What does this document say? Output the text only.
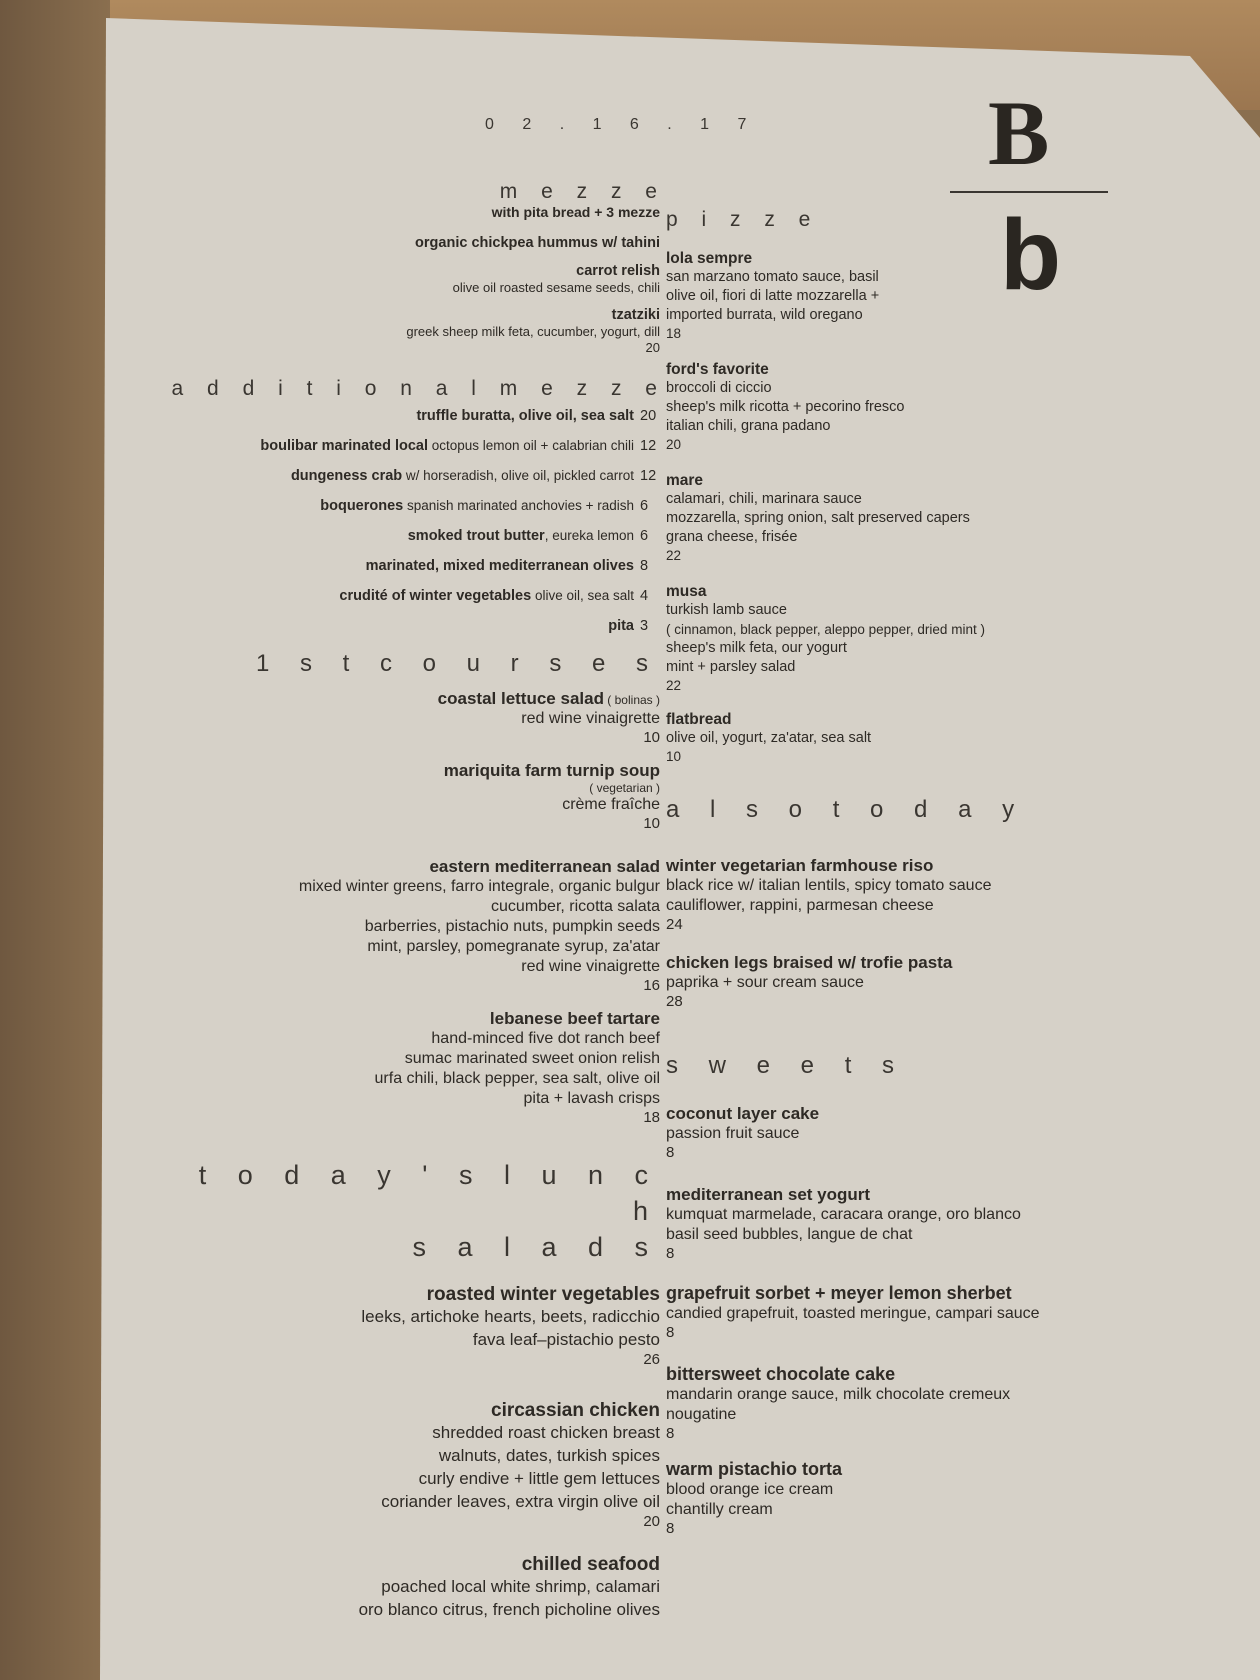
0 2 . 1 6 . 1 7 B
b
m e z z e
with pita bread + 3 mezze
organic chickpea hummus w/ tahini
carrot relish
olive oil roasted sesame seeds, chili
tzatziki
greek sheep milk feta, cucumber, yogurt, dill
20
a d d i t i o n a l m e z z e
truffle buratta, olive oil, sea salt 20
boulibar marinated local octopus lemon oil + calabrian chili 12
dungeness crab w/ horseradish, olive oil, pickled carrot 12
boquerones spanish marinated anchovies + radish 6
smoked trout butter, eureka lemon 6
marinated, mixed mediterranean olives 8
crudité of winter vegetables olive oil, sea salt 4
pita 3
1 s t c o u r s e s
coastal lettuce salad ( bolinas )
red wine vinaigrette
10
mariquita farm turnip soup
( vegetarian )
crème fraîche
10
eastern mediterranean salad
mixed winter greens, farro integrale, organic bulgur
cucumber, ricotta salata
barberries, pistachio nuts, pumpkin seeds
mint, parsley, pomegranate syrup, za'atar
red wine vinaigrette
16
lebanese beef tartare
hand-minced five dot ranch beef
sumac marinated sweet onion relish
urfa chili, black pepper, sea salt, olive oil
pita + lavash crisps
18
t o d a y ' s l u n c h
s a l a d s
roasted winter vegetables
leeks, artichoke hearts, beets, radicchio
fava leaf–pistachio pesto
26
circassian chicken
shredded roast chicken breast
walnuts, dates, turkish spices
curly endive + little gem lettuces
coriander leaves, extra virgin olive oil
20
chilled seafood
poached local white shrimp, calamari
oro blanco citrus, french picholine olives
p i z z e
lola sempre
san marzano tomato sauce, basil
olive oil, fiori di latte mozzarella +
imported burrata, wild oregano
18
ford's favorite
broccoli di ciccio
sheep's milk ricotta + pecorino fresco
italian chili, grana padano
20
mare
calamari, chili, marinara sauce
mozzarella, spring onion, salt preserved capers
grana cheese, frisée
22
musa
turkish lamb sauce
( cinnamon, black pepper, aleppo pepper, dried mint )
sheep's milk feta, our yogurt
mint + parsley salad
22
flatbread
olive oil, yogurt, za'atar, sea salt
10
a l s o t o d a y
winter vegetarian farmhouse riso
black rice w/ italian lentils, spicy tomato sauce
cauliflower, rappini, parmesan cheese
24
chicken legs braised w/ trofie pasta
paprika + sour cream sauce
28
s w e e t s
coconut layer cake
passion fruit sauce
8
mediterranean set yogurt
kumquat marmelade, caracara orange, oro blanco
basil seed bubbles, langue de chat
8
grapefruit sorbet + meyer lemon sherbet
candied grapefruit, toasted meringue, campari sauce
8
bittersweet chocolate cake
mandarin orange sauce, milk chocolate cremeux
nougatine
8
warm pistachio torta
blood orange ice cream
chantilly cream
8
